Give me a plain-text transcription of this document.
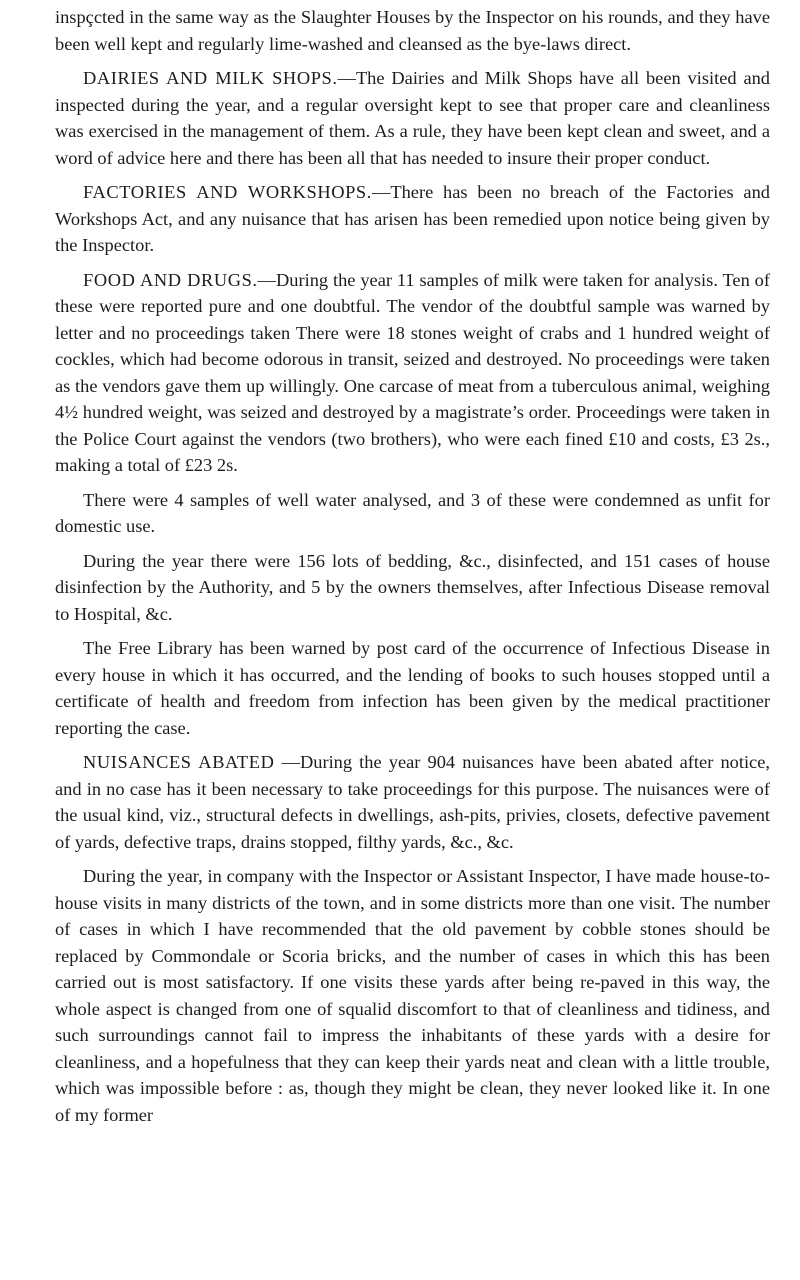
inspçcted in the same way as the Slaughter Houses by the Inspector on his rounds, and they have been well kept and regularly lime-washed and cleansed as the bye-laws direct.

DAIRIES AND MILK SHOPS.—The Dairies and Milk Shops have all been visited and inspected during the year, and a regular oversight kept to see that proper care and cleanliness was exercised in the management of them. As a rule, they have been kept clean and sweet, and a word of advice here and there has been all that has needed to insure their proper conduct.

FACTORIES AND WORKSHOPS.—There has been no breach of the Factories and Workshops Act, and any nuisance that has arisen has been remedied upon notice being given by the Inspector.

FOOD AND DRUGS.—During the year 11 samples of milk were taken for analysis. Ten of these were reported pure and one doubtful. The vendor of the doubtful sample was warned by letter and no proceedings taken There were 18 stones weight of crabs and 1 hundred weight of cockles, which had become odorous in transit, seized and destroyed. No proceedings were taken as the vendors gave them up willingly. One carcase of meat from a tuberculous animal, weighing 4½ hundred weight, was seized and destroyed by a magistrate’s order. Proceedings were taken in the Police Court against the vendors (two brothers), who were each fined £10 and costs, £3 2s., making a total of £23 2s.

There were 4 samples of well water analysed, and 3 of these were condemned as unfit for domestic use.

During the year there were 156 lots of bedding, &c., disinfected, and 151 cases of house disinfection by the Authority, and 5 by the owners themselves, after Infectious Disease removal to Hospital, &c.

The Free Library has been warned by post card of the occurrence of Infectious Disease in every house in which it has occurred, and the lending of books to such houses stopped until a certificate of health and freedom from infection has been given by the medical practitioner reporting the case.

NUISANCES ABATED —During the year 904 nuisances have been abated after notice, and in no case has it been necessary to take proceedings for this purpose. The nuisances were of the usual kind, viz., structural defects in dwellings, ash-pits, privies, closets, defective pavement of yards, defective traps, drains stopped, filthy yards, &c., &c.

During the year, in company with the Inspector or Assistant Inspector, I have made house-to-house visits in many districts of the town, and in some districts more than one visit. The number of cases in which I have recommended that the old pavement by cobble stones should be replaced by Commondale or Scoria bricks, and the number of cases in which this has been carried out is most satisfactory. If one visits these yards after being re-paved in this way, the whole aspect is changed from one of squalid discomfort to that of cleanliness and tidiness, and such surroundings cannot fail to impress the inhabitants of these yards with a desire for cleanliness, and a hopefulness that they can keep their yards neat and clean with a little trouble, which was impossible before : as, though they might be clean, they never looked like it. In one of my former
